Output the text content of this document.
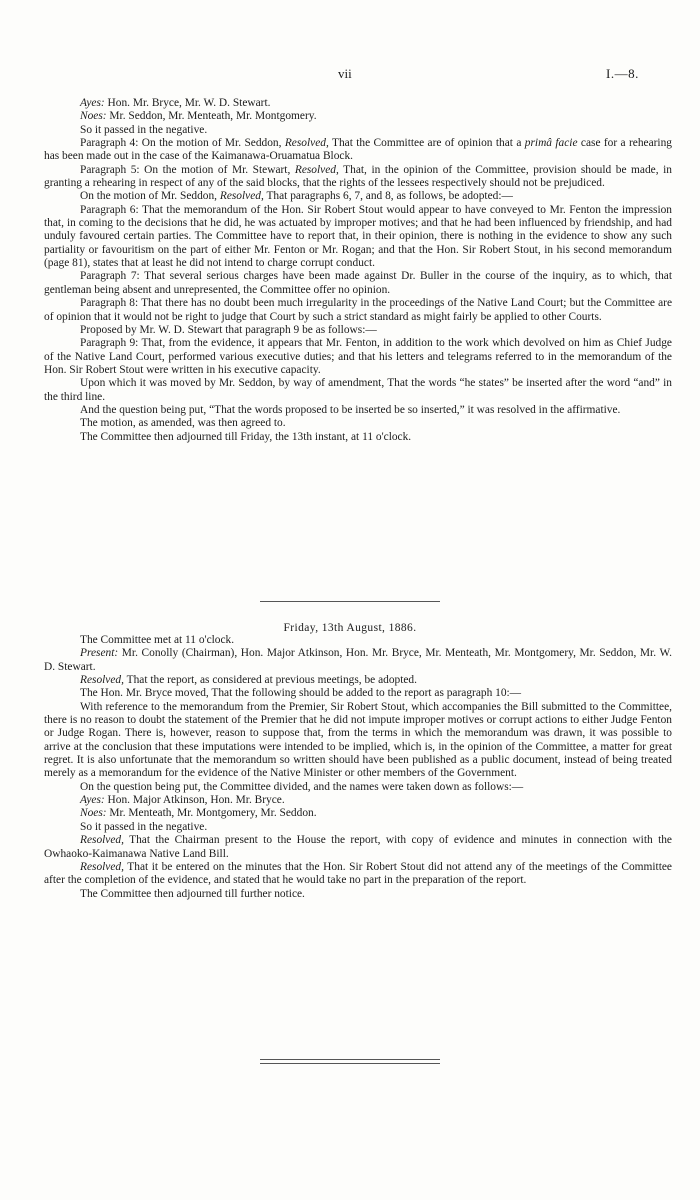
vii	I.—8.

Ayes: Hon. Mr. Bryce, Mr. W. D. Stewart.

Noes: Mr. Seddon, Mr. Menteath, Mr. Montgomery.

So it passed in the negative.

Paragraph 4: On the motion of Mr. Seddon, Resolved, That the Committee are of opinion that a primâ facie case for a rehearing has been made out in the case of the Kaimanawa-Oruamatua Block.

Paragraph 5: On the motion of Mr. Stewart, Resolved, That, in the opinion of the Committee, provision should be made, in granting a rehearing in respect of any of the said blocks, that the rights of the lessees respectively should not be prejudiced.

On the motion of Mr. Seddon, Resolved, That paragraphs 6, 7, and 8, as follows, be adopted:—

Paragraph 6: That the memorandum of the Hon. Sir Robert Stout would appear to have conveyed to Mr. Fenton the impression that, in coming to the decisions that he did, he was actuated by improper motives; and that he had been influenced by friendship, and had unduly favoured certain parties. The Committee have to report that, in their opinion, there is nothing in the evidence to show any such partiality or favouritism on the part of either Mr. Fenton or Mr. Rogan; and that the Hon. Sir Robert Stout, in his second memorandum (page 81), states that at least he did not intend to charge corrupt conduct.

Paragraph 7: That several serious charges have been made against Dr. Buller in the course of the inquiry, as to which, that gentleman being absent and unrepresented, the Committee offer no opinion.

Paragraph 8: That there has no doubt been much irregularity in the proceedings of the Native Land Court; but the Committee are of opinion that it would not be right to judge that Court by such a strict standard as might fairly be applied to other Courts.

Proposed by Mr. W. D. Stewart that paragraph 9 be as follows:—

Paragraph 9: That, from the evidence, it appears that Mr. Fenton, in addition to the work which devolved on him as Chief Judge of the Native Land Court, performed various executive duties; and that his letters and telegrams referred to in the memorandum of the Hon. Sir Robert Stout were written in his executive capacity.

Upon which it was moved by Mr. Seddon, by way of amendment, That the words “he states” be inserted after the word “and” in the third line.

And the question being put, “That the words proposed to be inserted be so inserted,” it was resolved in the affirmative.

The motion, as amended, was then agreed to.

The Committee then adjourned till Friday, the 13th instant, at 11 o'clock.

Friday, 13th August, 1886.

The Committee met at 11 o'clock.

Present: Mr. Conolly (Chairman), Hon. Major Atkinson, Hon. Mr. Bryce, Mr. Menteath, Mr. Montgomery, Mr. Seddon, Mr. W. D. Stewart.

Resolved, That the report, as considered at previous meetings, be adopted.

The Hon. Mr. Bryce moved, That the following should be added to the report as paragraph 10:—

With reference to the memorandum from the Premier, Sir Robert Stout, which accompanies the Bill submitted to the Committee, there is no reason to doubt the statement of the Premier that he did not impute improper motives or corrupt actions to either Judge Fenton or Judge Rogan. There is, however, reason to suppose that, from the terms in which the memorandum was drawn, it was possible to arrive at the conclusion that these imputations were intended to be implied, which is, in the opinion of the Committee, a matter for great regret. It is also unfortunate that the memorandum so written should have been published as a public document, instead of being treated merely as a memorandum for the evidence of the Native Minister or other members of the Government.

On the question being put, the Committee divided, and the names were taken down as follows:—

Ayes: Hon. Major Atkinson, Hon. Mr. Bryce.

Noes: Mr. Menteath, Mr. Montgomery, Mr. Seddon.

So it passed in the negative.

Resolved, That the Chairman present to the House the report, with copy of evidence and minutes in connection with the Owhaoko-Kaimanawa Native Land Bill.

Resolved, That it be entered on the minutes that the Hon. Sir Robert Stout did not attend any of the meetings of the Committee after the completion of the evidence, and stated that he would take no part in the preparation of the report.

The Committee then adjourned till further notice.
